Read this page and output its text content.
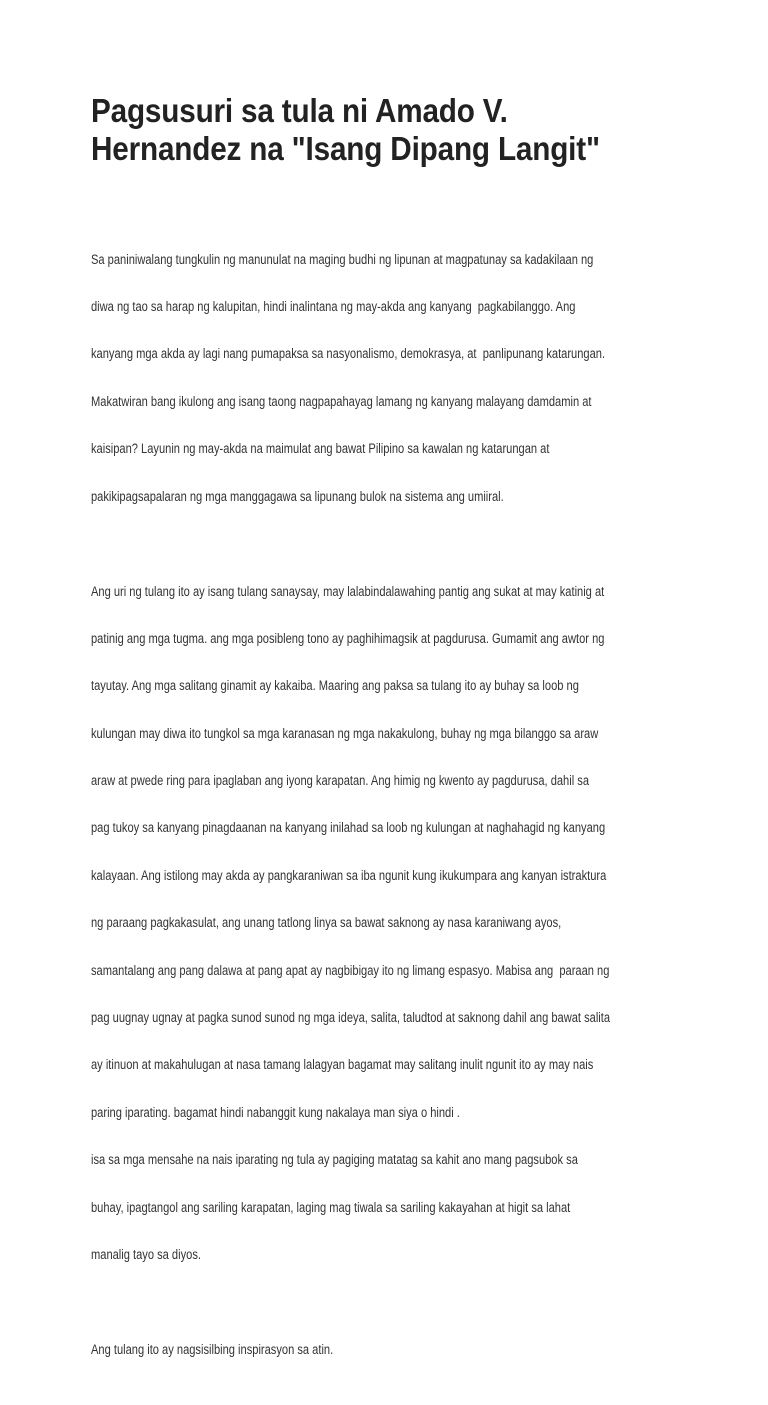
Pagsusuri sa tula ni Amado V.
Hernandez na "Isang Dipang Langit"

Sa paniniwalang tungkulin ng manunulat na maging budhi ng lipunan at magpatunay sa kadakilaan ng

diwa ng tao sa harap ng kalupitan, hindi inalintana ng may-akda ang kanyang  pagkabilanggo. Ang

kanyang mga akda ay lagi nang pumapaksa sa nasyonalismo, demokrasya, at  panlipunang katarungan.

Makatwiran bang ikulong ang isang taong nagpapahayag lamang ng kanyang malayang damdamin at

kaisipan? Layunin ng may-akda na maimulat ang bawat Pilipino sa kawalan ng katarungan at

pakikipagsapalaran ng mga manggagawa sa lipunang bulok na sistema ang umiiral.

Ang uri ng tulang ito ay isang tulang sanaysay, may lalabindalawahing pantig ang sukat at may katinig at

patinig ang mga tugma. ang mga posibleng tono ay paghihimagsik at pagdurusa. Gumamit ang awtor ng

tayutay. Ang mga salitang ginamit ay kakaiba. Maaring ang paksa sa tulang ito ay buhay sa loob ng

kulungan may diwa ito tungkol sa mga karanasan ng mga nakakulong, buhay ng mga bilanggo sa araw

araw at pwede ring para ipaglaban ang iyong karapatan. Ang himig ng kwento ay pagdurusa, dahil sa

pag tukoy sa kanyang pinagdaanan na kanyang inilahad sa loob ng kulungan at naghahagid ng kanyang

kalayaan. Ang istilong may akda ay pangkaraniwan sa iba ngunit kung ikukumpara ang kanyan istraktura

ng paraang pagkakasulat, ang unang tatlong linya sa bawat saknong ay nasa karaniwang ayos,

samantalang ang pang dalawa at pang apat ay nagbibigay ito ng limang espasyo. Mabisa ang  paraan ng

pag uugnay ugnay at pagka sunod sunod ng mga ideya, salita, taludtod at saknong dahil ang bawat salita

ay itinuon at makahulugan at nasa tamang lalagyan bagamat may salitang inulit ngunit ito ay may nais

paring iparating. bagamat hindi nabanggit kung nakalaya man siya o hindi .

isa sa mga mensahe na nais iparating ng tula ay pagiging matatag sa kahit ano mang pagsubok sa

buhay, ipagtangol ang sariling karapatan, laging mag tiwala sa sariling kakayahan at higit sa lahat

manalig tayo sa diyos.

Ang tulang ito ay nagsisilbing inspirasyon sa atin.
